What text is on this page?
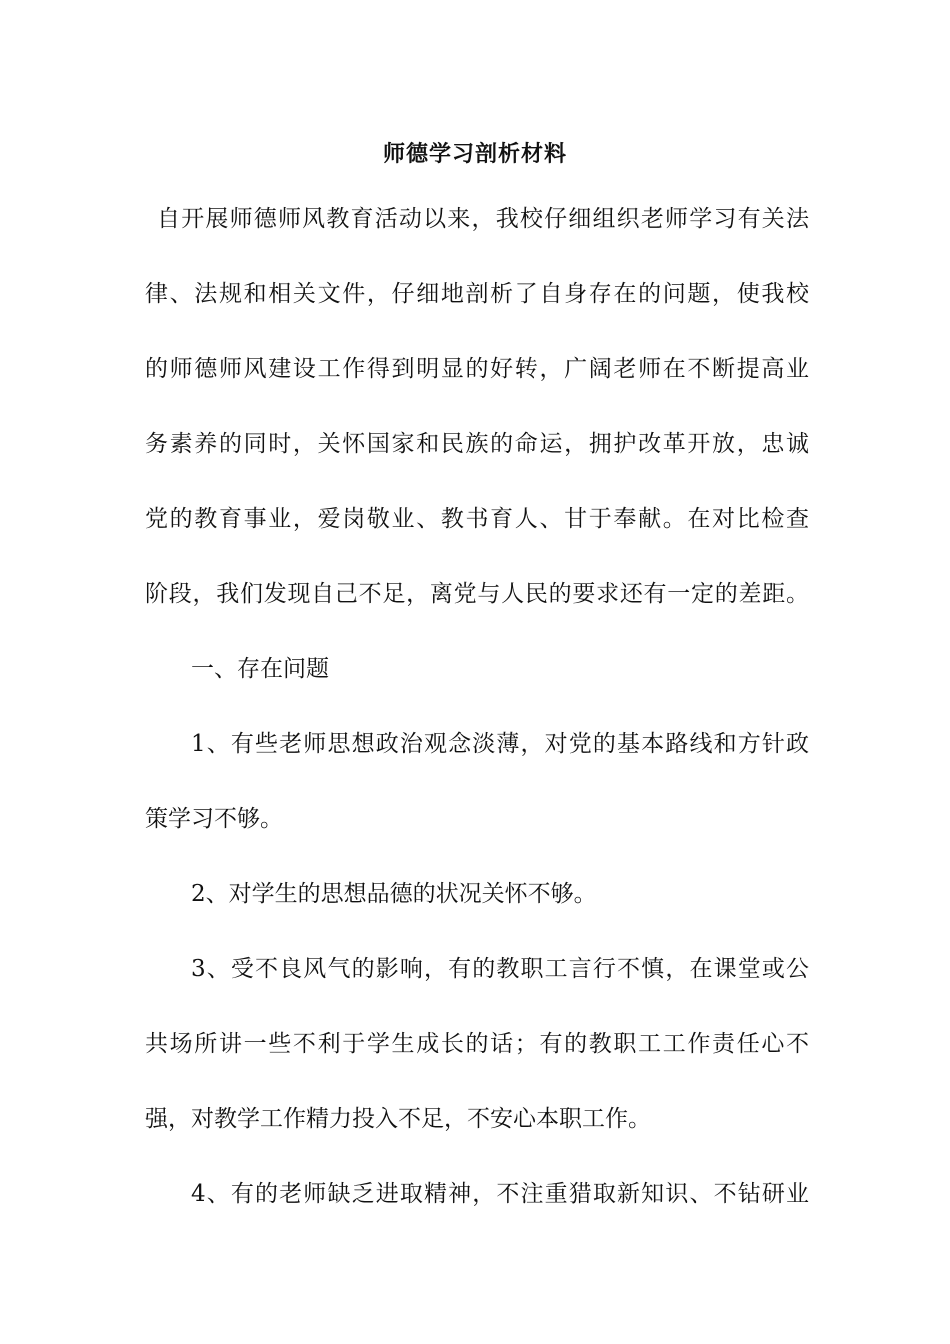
师德学习剖析材料
自开展师德师风教育活动以来，我校仔细组织老师学习有关法
律、法规和相关文件，仔细地剖析了自身存在的问题，使我校
的师德师风建设工作得到明显的好转，广阔老师在不断提高业
务素养的同时，关怀国家和民族的命运，拥护改革开放，忠诚
党的教育事业，爱岗敬业、教书育人、甘于奉献。在对比检查
阶段，我们发现自己不足，离党与人民的要求还有一定的差距。
一、存在问题
1、有些老师思想政治观念淡薄，对党的基本路线和方针政
策学习不够。
2、对学生的思想品德的状况关怀不够。
3、受不良风气的影响，有的教职工言行不慎，在课堂或公
共场所讲一些不利于学生成长的话；有的教职工工作责任心不
强，对教学工作精力投入不足，不安心本职工作。
4、有的老师缺乏进取精神，不注重猎取新知识、不钻研业
